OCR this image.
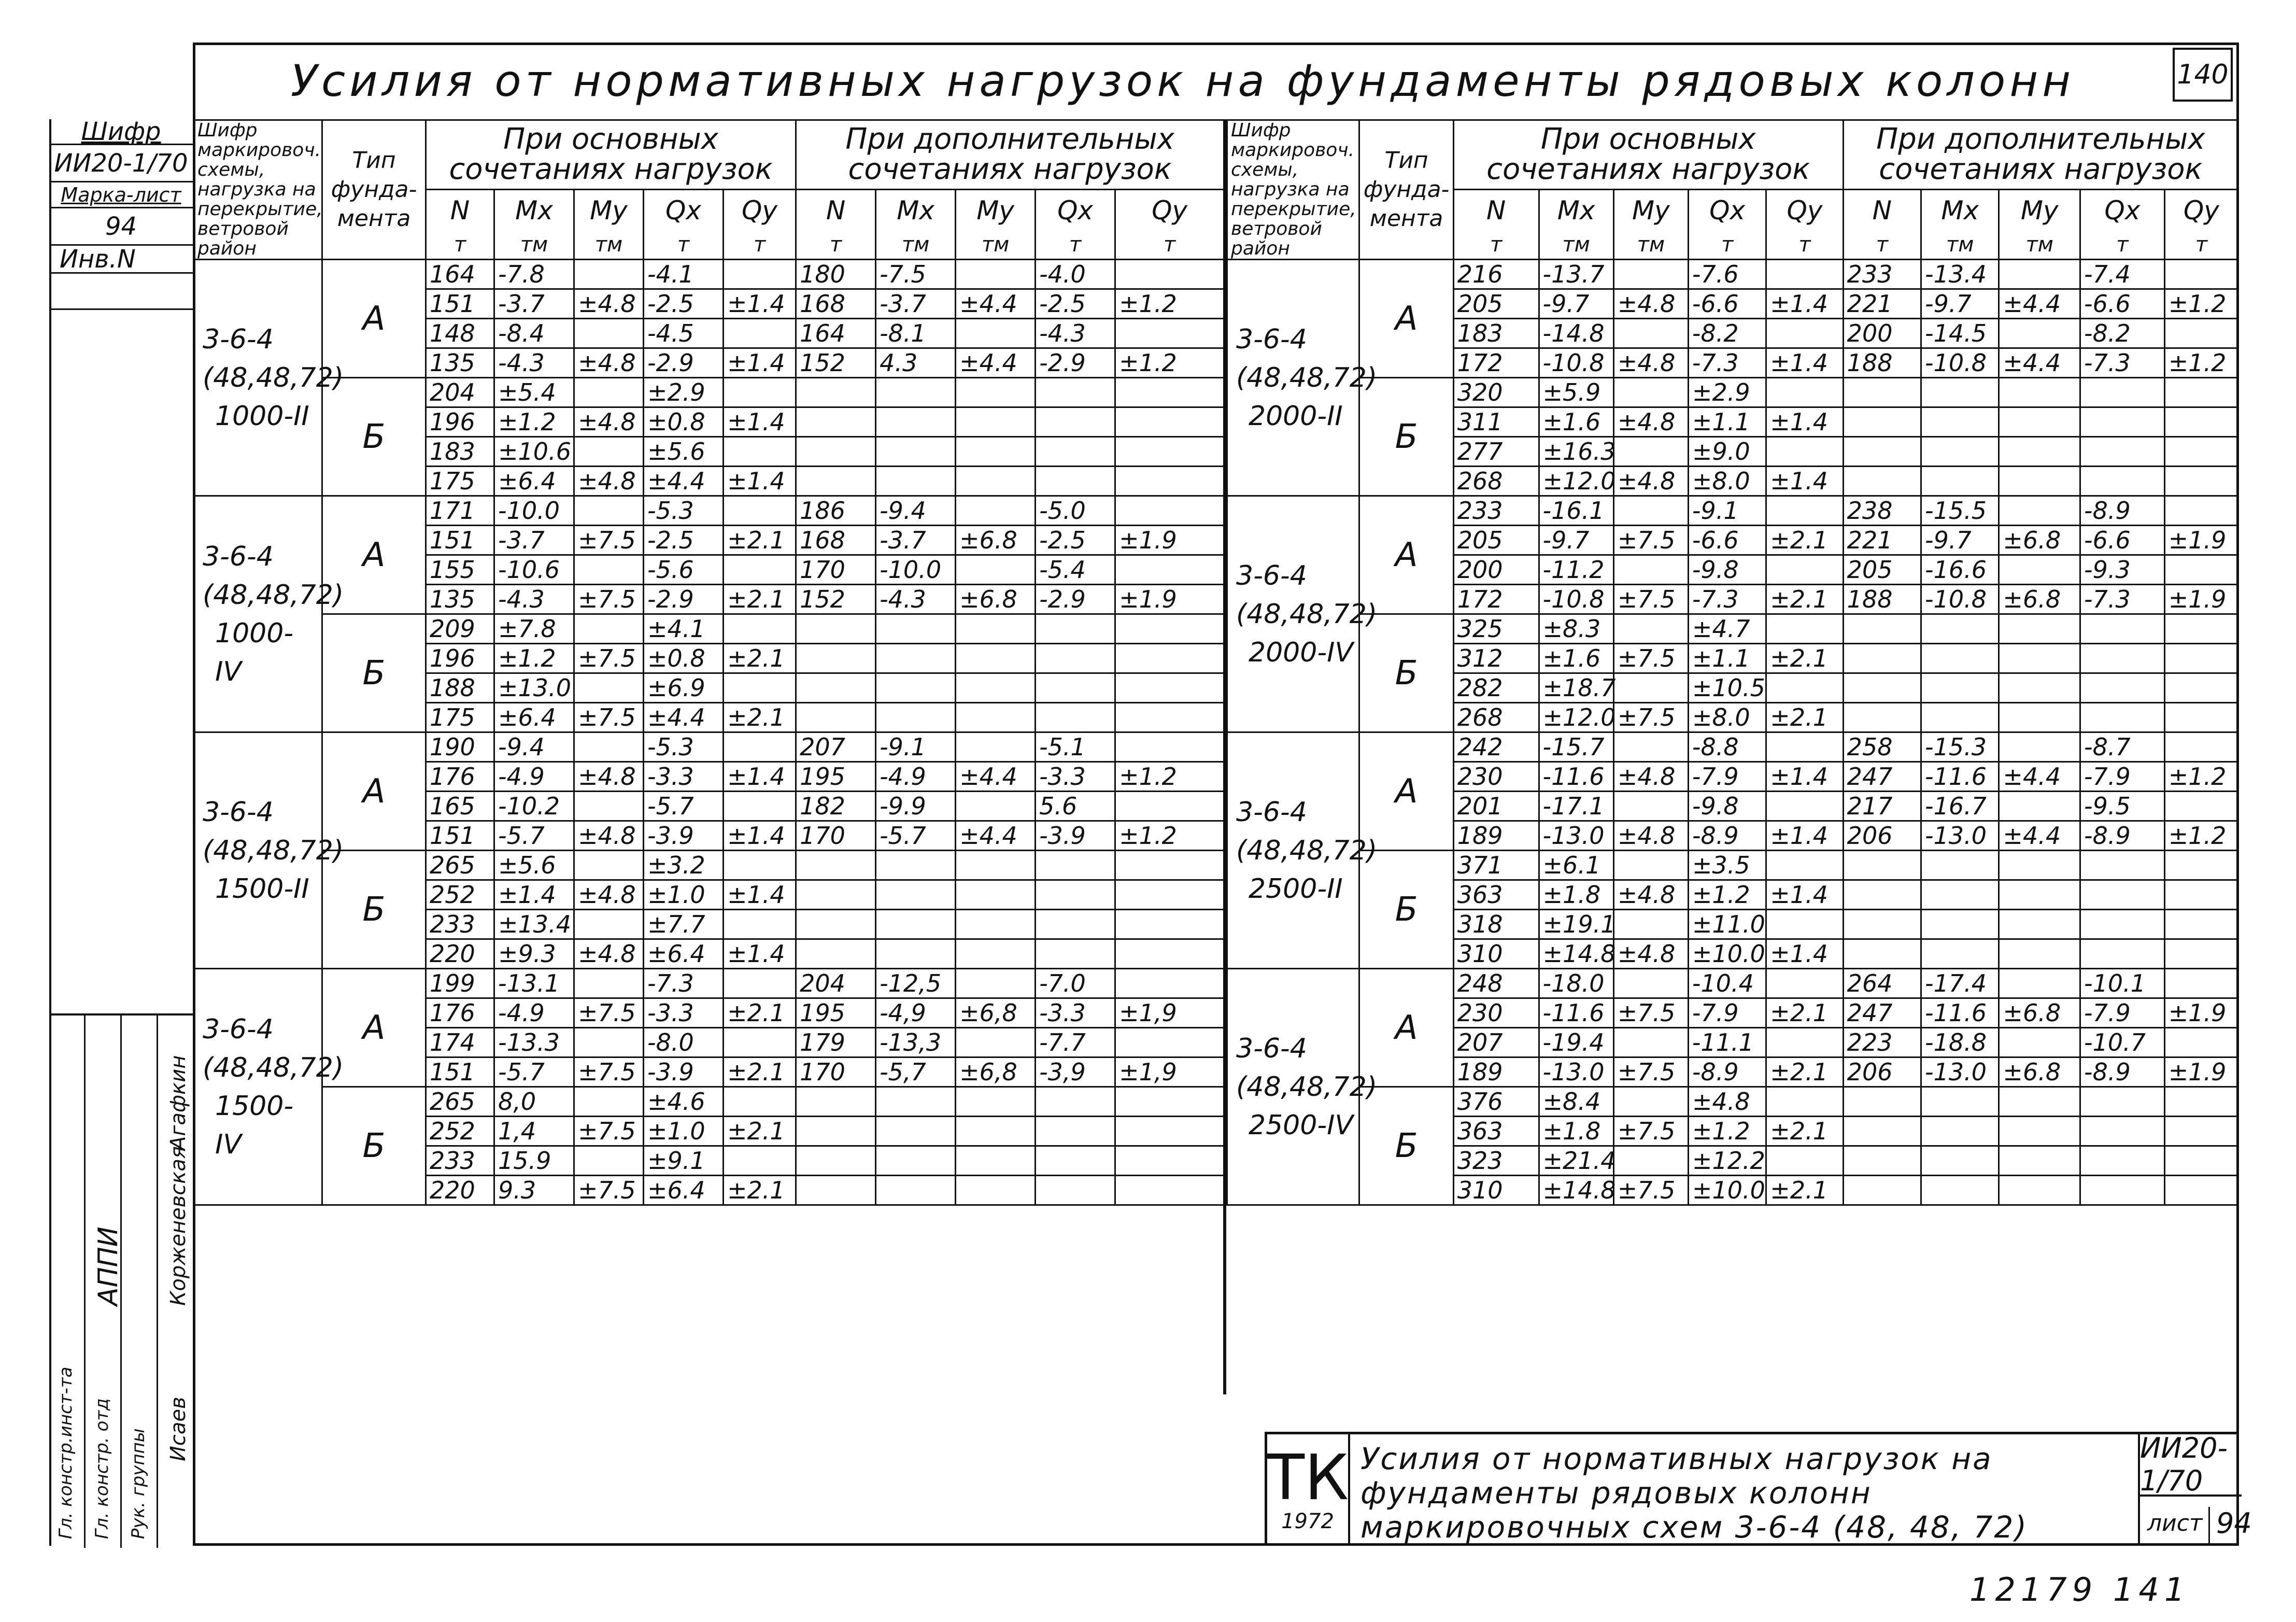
Усилия от нормативных нагрузок на фундаменты рядовых колонн	140
Шифр
ИИ20-1/70
Марка-лист
94
Инв.N
Гл. констр.инст-та Гл. констр. отд Рук. группы
АППИ
Агафкин
Корженевская
Исаев
Шифр маркировоч. схемы, нагрузка на перекрытие, ветровой район	Тип фунда-мента	При основных сочетаниях нагрузок					При дополнительных сочетаниях нагрузок				
		N	Mx	My	Qx	Qy	N	Mx	My	Qx	Qy
		т	тм	тм	т	т	т	тм	тм	т	т

3-6-4
(48,48,72)
1000-II	А	164	-7.8		-4.1		180	-7.5		-4.0	
		151	-3.7	±4.8	-2.5	±1.4	168	-3.7	±4.4	-2.5	±1.2
		148	-8.4		-4.5		164	-8.1		-4.3	
		135	-4.3	±4.8	-2.9	±1.4	152	4.3	±4.4	-2.9	±1.2
	Б	204	±5.4		±2.9						
		196	±1.2	±4.8	±0.8	±1.4					
		183	±10.6		±5.6						
		175	±6.4	±4.8	±4.4	±1.4					

3-6-4
(48,48,72)
1000-IV	А	171	-10.0		-5.3		186	-9.4		-5.0	
		151	-3.7	±7.5	-2.5	±2.1	168	-3.7	±6.8	-2.5	±1.9
		155	-10.6		-5.6		170	-10.0		-5.4	
		135	-4.3	±7.5	-2.9	±2.1	152	-4.3	±6.8	-2.9	±1.9
	Б	209	±7.8		±4.1						
		196	±1.2	±7.5	±0.8	±2.1					
		188	±13.0		±6.9						
		175	±6.4	±7.5	±4.4	±2.1					

3-6-4
(48,48,72)
1500-II	А	190	-9.4		-5.3		207	-9.1		-5.1	
		176	-4.9	±4.8	-3.3	±1.4	195	-4.9	±4.4	-3.3	±1.2
		165	-10.2		-5.7		182	-9.9		5.6	
		151	-5.7	±4.8	-3.9	±1.4	170	-5.7	±4.4	-3.9	±1.2
	Б	265	±5.6		±3.2						
		252	±1.4	±4.8	±1.0	±1.4					
		233	±13.4		±7.7						
		220	±9.3	±4.8	±6.4	±1.4					

3-6-4
(48,48,72)
1500-IV	А	199	-13.1		-7.3		204	-12,5		-7.0	
		176	-4.9	±7.5	-3.3	±2.1	195	-4,9	±6,8	-3.3	±1,9
		174	-13.3		-8.0		179	-13,3		-7.7	
		151	-5.7	±7.5	-3.9	±2.1	170	-5,7	±6,8	-3,9	±1,9
	Б	265	8,0		±4.6						
		252	1,4	±7.5	±1.0	±2.1					
		233	15.9		±9.1						
		220	9.3	±7.5	±6.4	±2.1					
Шифр маркировоч. схемы, нагрузка на перекрытие, ветровой район	Тип фунда-мента	При основных сочетаниях нагрузок					При дополнительных сочетаниях нагрузок				
		N	Mx	My	Qx	Qy	N	Mx	My	Qx	Qy
		т	тм	тм	т	т	т	тм	тм	т	т

3-6-4
(48,48,72)
2000-II	А	216	-13.7		-7.6		233	-13.4		-7.4	
		205	-9.7	±4.8	-6.6	±1.4	221	-9.7	±4.4	-6.6	±1.2
		183	-14.8		-8.2		200	-14.5		-8.2	
		172	-10.8	±4.8	-7.3	±1.4	188	-10.8	±4.4	-7.3	±1.2
	Б	320	±5.9		±2.9						
		311	±1.6	±4.8	±1.1	±1.4					
		277	±16.3		±9.0						
		268	±12.0	±4.8	±8.0	±1.4					

3-6-4
(48,48,72)
2000-IV	А	233	-16.1		-9.1		238	-15.5		-8.9	
		205	-9.7	±7.5	-6.6	±2.1	221	-9.7	±6.8	-6.6	±1.9
		200	-11.2		-9.8		205	-16.6		-9.3	
		172	-10.8	±7.5	-7.3	±2.1	188	-10.8	±6.8	-7.3	±1.9
	Б	325	±8.3		±4.7						
		312	±1.6	±7.5	±1.1	±2.1					
		282	±18.7		±10.5						
		268	±12.0	±7.5	±8.0	±2.1					

3-6-4
(48,48,72)
2500-II	А	242	-15.7		-8.8		258	-15.3		-8.7	
		230	-11.6	±4.8	-7.9	±1.4	247	-11.6	±4.4	-7.9	±1.2
		201	-17.1		-9.8		217	-16.7		-9.5	
		189	-13.0	±4.8	-8.9	±1.4	206	-13.0	±4.4	-8.9	±1.2
	Б	371	±6.1		±3.5						
		363	±1.8	±4.8	±1.2	±1.4					
		318	±19.1		±11.0						
		310	±14.8	±4.8	±10.0	±1.4					

3-6-4
(48,48,72)
2500-IV	А	248	-18.0		-10.4		264	-17.4		-10.1	
		230	-11.6	±7.5	-7.9	±2.1	247	-11.6	±6.8	-7.9	±1.9
		207	-19.4		-11.1		223	-18.8		-10.7	
		189	-13.0	±7.5	-8.9	±2.1	206	-13.0	±6.8	-8.9	±1.9
	Б	376	±8.4		±4.8						
		363	±1.8	±7.5	±1.2	±2.1					
		323	±21.4		±12.2						
		310	±14.8	±7.5	±10.0	±2.1					
ТК
1972
Усилия от нормативных нагрузок на фундаменты рядовых колонн маркировочных схем 3-6-4 (48, 48, 72)
ИИ20-1/70
лист 94
12179 141
